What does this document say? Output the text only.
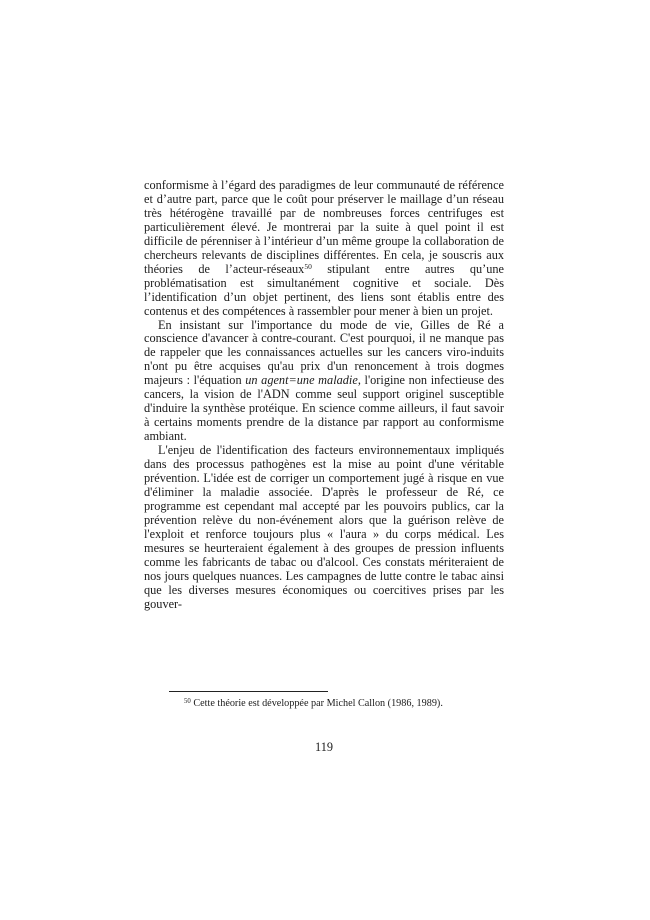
conformisme à l’égard des paradigmes de leur communauté de référence et d’autre part, parce que le coût pour préserver le maillage d’un réseau très hétérogène travaillé par de nombreuses forces centrifuges est particulièrement élevé. Je montrerai par la suite à quel point il est difficile de pérenniser à l’intérieur d’un même groupe la collaboration de chercheurs relevants de disciplines différentes. En cela, je souscris aux théories de l’acteur-réseaux$^{50}$ stipulant entre autres qu’une problématisation est simultanément cognitive et sociale. Dès l’identification d’un objet pertinent, des liens sont établis entre des contenus et des compétences à rassembler pour mener à bien un projet.

En insistant sur l'importance du mode de vie, Gilles de Ré a conscience d'avancer à contre-courant. C'est pourquoi, il ne manque pas de rappeler que les connaissances actuelles sur les cancers viro-induits n'ont pu être acquises qu'au prix d'un renoncement à trois dogmes majeurs : l'équation un agent=une maladie, l'origine non infectieuse des cancers, la vision de l'ADN comme seul support originel susceptible d'induire la synthèse protéique. En science comme ailleurs, il faut savoir à certains moments prendre de la distance par rapport au conformisme ambiant.

L'enjeu de l'identification des facteurs environnementaux impliqués dans des processus pathogènes est la mise au point d'une véritable prévention. L'idée est de corriger un comportement jugé à risque en vue d'éliminer la maladie associée. D'après le professeur de Ré, ce programme est cependant mal accepté par les pouvoirs publics, car la prévention relève du non-événement alors que la guérison relève de l'exploit et renforce toujours plus « l'aura » du corps médical. Les mesures se heurteraient également à des groupes de pression influents comme les fabricants de tabac ou d'alcool. Ces constats mériteraient de nos jours quelques nuances. Les campagnes de lutte contre le tabac ainsi que les diverses mesures économiques ou coercitives prises par les gouver-

$^{50}$ Cette théorie est développée par Michel Callon (1986, 1989).

119
